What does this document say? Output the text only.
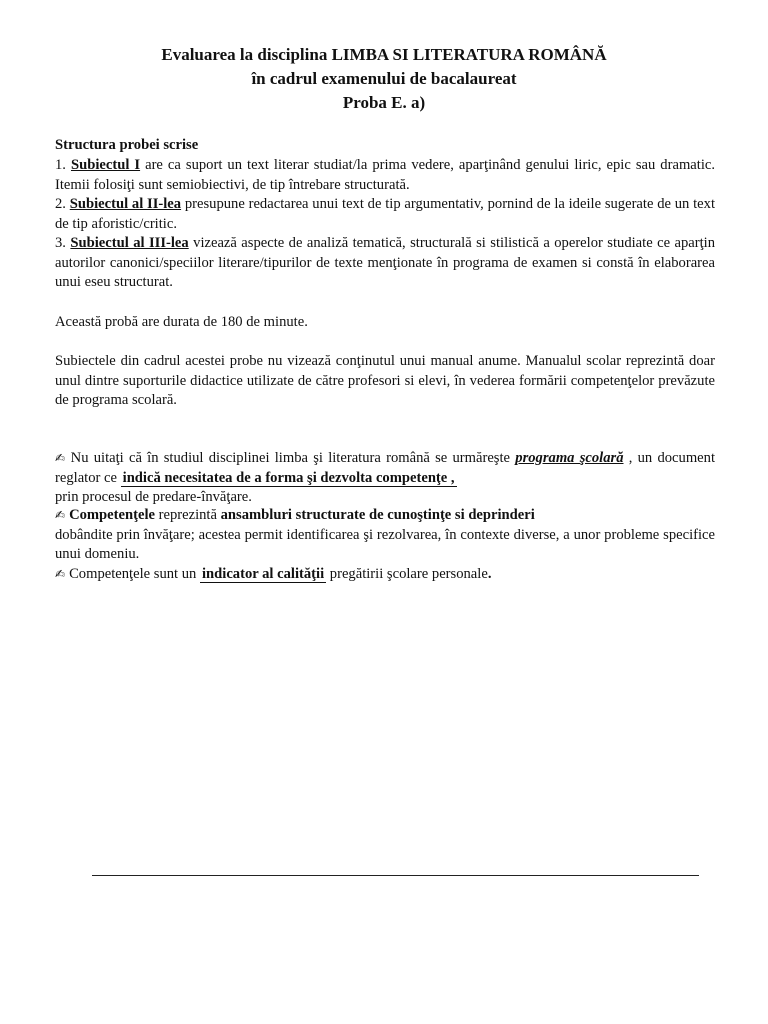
Evaluarea la disciplina LIMBA SI LITERATURA ROMÂNĂ
în cadrul examenului de bacalaureat
Proba E. a)
Structura probei scrise
1. Subiectul I are ca suport un text literar studiat/la prima vedere, aparţinând genului liric, epic sau dramatic. Itemii folosiţi sunt semiobiectivi, de tip întrebare structurată.
2. Subiectul al II-lea presupune redactarea unui text de tip argumentativ, pornind de la ideile sugerate de un text de tip aforistic/critic.
3. Subiectul al III-lea vizează aspecte de analiză tematică, structurală si stilistică a operelor studiate ce aparţin autorilor canonici/speciilor literare/tipurilor de texte menţionate în programa de examen si constă în elaborarea unui eseu structurat.
Această probă are durata de 180 de minute.
Subiectele din cadrul acestei probe nu vizează conţinutul unui manual anume. Manualul scolar reprezintă doar unul dintre suporturile didactice utilizate de către profesori si elevi, în vederea formării competenţelor prevăzute de programa scolară.
✍ Nu uitaţi că în studiul disciplinei limba şi literatura română se urmăreşte programa şcolară , un document reglator ce indică necesitatea de a forma şi dezvolta competenţe ,
prin procesul de predare-învăţare.
✍ Competenţele reprezintă ansambluri structurate de cunoştinţe si deprinderi
dobândite prin învăţare; acestea permit identificarea şi rezolvarea, în contexte diverse, a unor probleme specifice unui domeniu.
✍ Competenţele sunt un indicator al calităţii pregătirii şcolare personale.
